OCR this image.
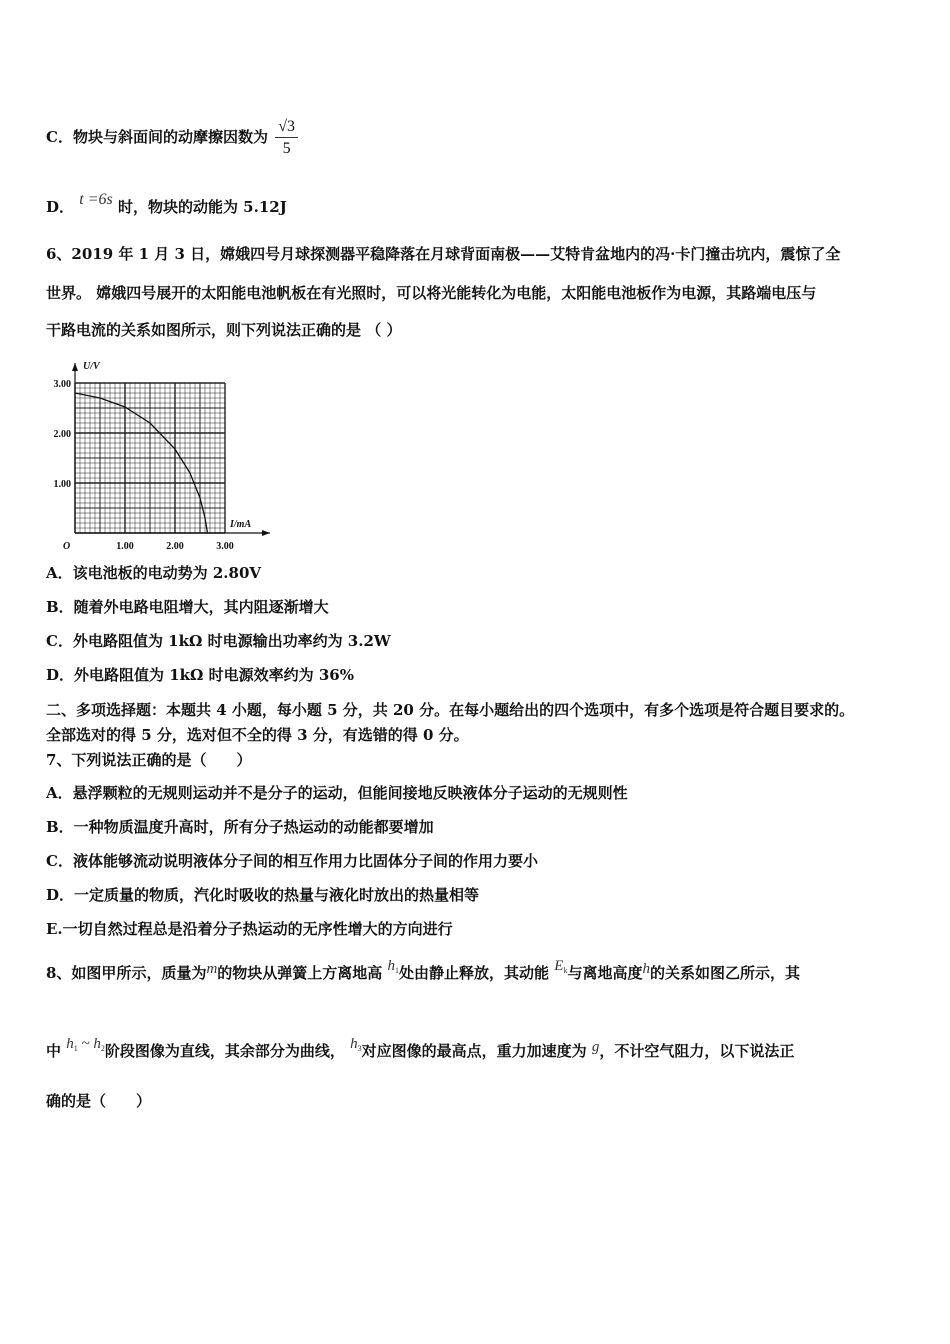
C．物块与斜面间的动摩擦因数为 $\frac{√3}{5}$
D． t =6s 时，物块的动能为 5.12J
6、2019 年 1 月 3 日，嫦娥四号月球探测器平稳降落在月球背面南极——艾特肯盆地内的冯·卡门撞击坑内，震惊了全
世界。 嫦娥四号展开的太阳能电池帆板在有光照时，可以将光能转化为电能，太阳能电池板作为电源，其路端电压与
干路电流的关系如图所示，则下列说法正确的是 （ ）
1.00	2.00	3.00
1.00
2.00
3.00
O
I/mA
U/V
A．该电池板的电动势为 2.80V
B．随着外电路电阻增大，其内阻逐渐增大
C．外电路阻值为 1kΩ 时电源输出功率约为 3.2W
D．外电路阻值为 1kΩ 时电源效率约为 36%
二、多项选择题：本题共 4 小题，每小题 5 分，共 20 分。在每小题给出的四个选项中，有多个选项是符合题目要求的。
全部选对的得 5 分，选对但不全的得 3 分，有选错的得 0 分。
7、下列说法正确的是（　　）
A．悬浮颗粒的无规则运动并不是分子的运动，但能间接地反映液体分子运动的无规则性
B．一种物质温度升高时，所有分子热运动的动能都要增加
C．液体能够流动说明液体分子间的相互作用力比固体分子间的作用力要小
D．一定质量的物质，汽化时吸收的热量与液化时放出的热量相等
E.一切自然过程总是沿着分子热运动的无序性增大的方向进行
8、如图甲所示，质量为m的物块从弹簧上方离地高 $h_1$处由静止释放，其动能 $E_k$与离地高度h的关系如图乙所示，其
中 $h_1$ ~ $h_2$阶段图像为直线，其余部分为曲线， $h_3$对应图像的最高点，重力加速度为 g，不计空气阻力，以下说法正
确的是（　　）
